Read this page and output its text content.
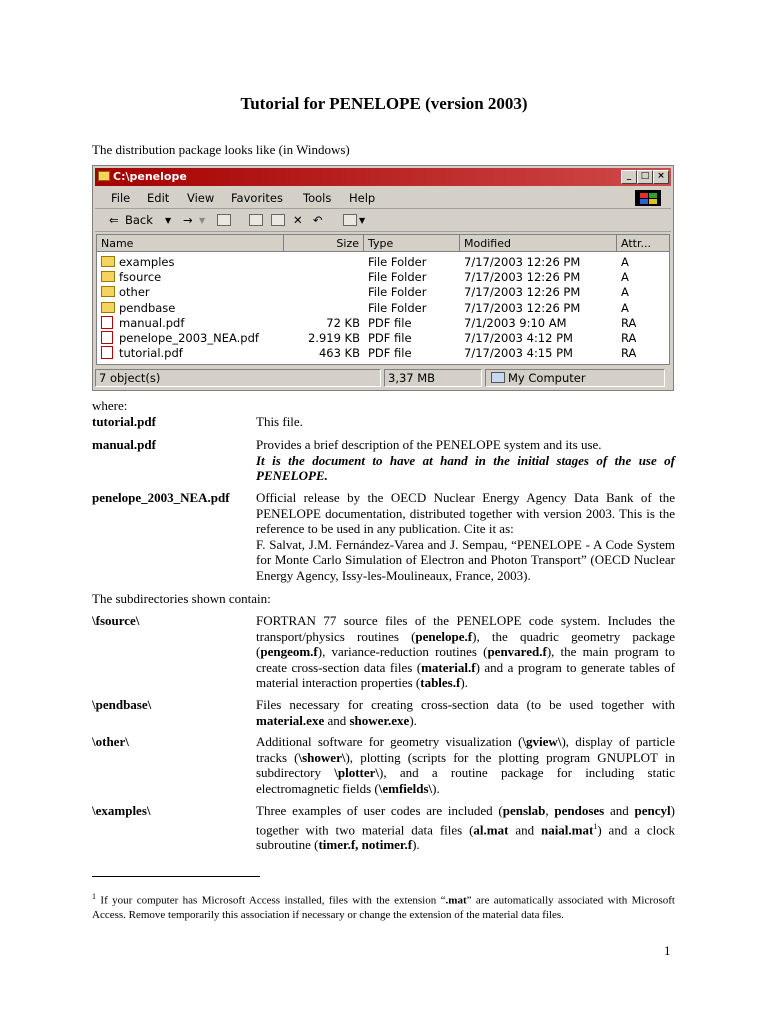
Tutorial for PENELOPE (version 2003)
The distribution package looks like (in Windows)
C:\penelope	_	□ ×
File Edit View Favorites Tools Help
⇐ Back ▼ → ▼	✕ ↶	▼
Name	Size Type	Modified	Attr...
examples	File Folder	7/17/2003 12:26 PM	A
fsource	File Folder	7/17/2003 12:26 PM	A
other	File Folder	7/17/2003 12:26 PM	A
pendbase	File Folder	7/17/2003 12:26 PM	A
manual.pdf	72 KB PDF file	7/1/2003 9:10 AM	RA
penelope_2003_NEA.pdf	2.919 KB PDF file	7/17/2003 4:12 PM	RA
tutorial.pdf	463 KB PDF file	7/17/2003 4:15 PM	RA
7 object(s)	3,37 MB	My Computer
where:
tutorial.pdf	This file.
manual.pdf	Provides a brief description of the PENELOPE system and its use.
It is the document to have at hand in the initial stages of the use of PENELOPE.
penelope_2003_NEA.pdf Official release by the OECD Nuclear Energy Agency Data Bank of the PENELOPE documentation, distributed together with version 2003. This is the reference to be used in any publication. Cite it as:
F. Salvat, J.M. Fernández-Varea and J. Sempau, “PENELOPE - A Code System for Monte Carlo Simulation of Electron and Photon Transport” (OECD Nuclear Energy Agency, Issy-les-Moulineaux, France, 2003).
The subdirectories shown contain:
\fsource\	FORTRAN 77 source files of the PENELOPE code system. Includes the transport/physics routines (penelope.f), the quadric geometry package (pengeom.f), variance-reduction routines (penvared.f), the main program to create cross-section data files (material.f) and a program to generate tables of material interaction properties (tables.f).
\pendbase\	Files necessary for creating cross-section data (to be used together with material.exe and shower.exe).
\other\	Additional software for geometry visualization (\gview\), display of particle tracks (\shower\), plotting (scripts for the plotting program GNUPLOT in subdirectory \plotter\), and a routine package for including static electromagnetic fields (\emfields\).
\examples\	Three examples of user codes are included (penslab, pendoses and pencyl) together with two material data files (al.mat and naial.mat$^1$) and a clock subroutine (timer.f, notimer.f).
$^1$ If your computer has Microsoft Access installed, files with the extension “.mat” are automatically associated with Microsoft Access. Remove temporarily this association if necessary or change the extension of the material data files.
1
